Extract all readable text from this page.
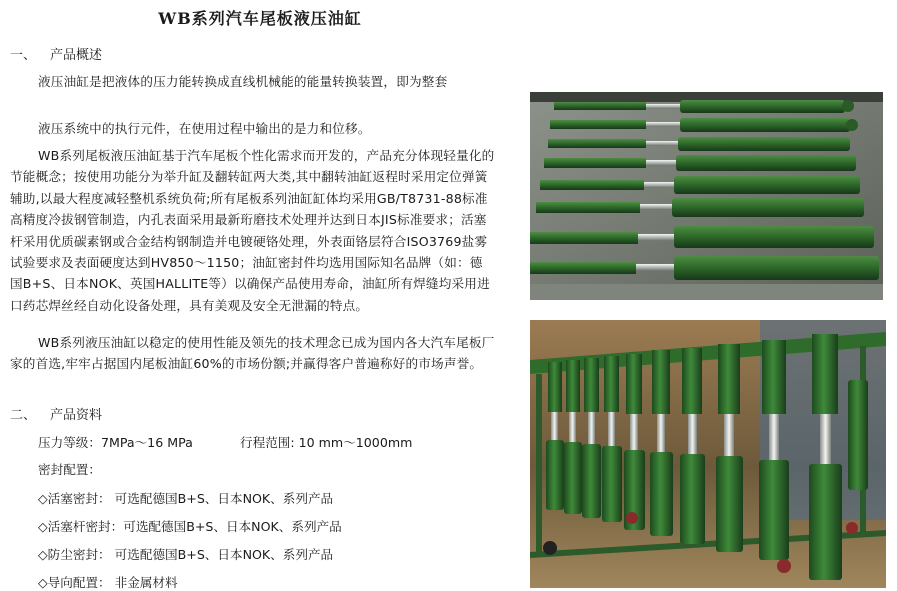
WB系列汽车尾板液压油缸
一、 产品概述
液压油缸是把液体的压力能转换成直线机械能的能量转换装置，即为整套
液压系统中的执行元件，在使用过程中输出的是力和位移。
WB系列尾板液压油缸基于汽车尾板个性化需求而开发的，产品充分体现轻量化的节能概念；按使用功能分为举升缸及翻转缸两大类,其中翻转油缸返程时采用定位弹簧辅助,以最大程度减轻整机系统负荷;所有尾板系列油缸缸体均采用GB/T8731-88标准高精度冷拔钢管制造，内孔表面采用最新珩磨技术处理并达到日本JIS标准要求；活塞杆采用优质碳素钢或合金结构钢制造并电镀硬铬处理，外表面铬层符合ISO3769盐雾试验要求及表面硬度达到HV850～1150；油缸密封件均选用国际知名品牌（如：德国B+S、日本NOK、英国HALLITE等）以确保产品使用寿命，油缸所有焊缝均采用进口药芯焊丝经自动化设备处理，具有美观及安全无泄漏的特点。
WB系列液压油缸以稳定的使用性能及领先的技术理念已成为国内各大汽车尾板厂家的首选,牢牢占据国内尾板油缸60%的市场份额;并赢得客户普遍称好的市场声誉。
二、 产品资料
压力等级：7MPa～16 MPa	行程范围: 10 mm～1000mm
密封配置：
◇活塞密封： 可选配德国B+S、日本NOK、系列产品
◇活塞杆密封：可选配德国B+S、日本NOK、系列产品
◇防尘密封： 可选配德国B+S、日本NOK、系列产品
◇导向配置： 非金属材料
